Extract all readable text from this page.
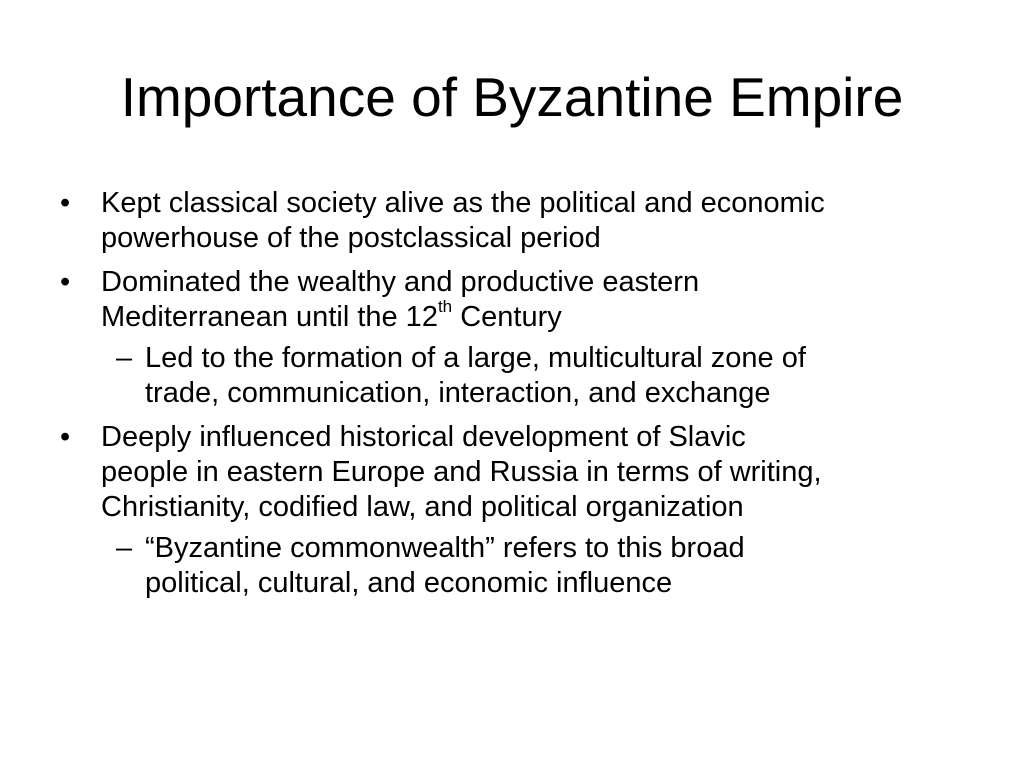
Importance of Byzantine Empire
• Kept classical society alive as the political and economic
powerhouse of the postclassical period
• Dominated the wealthy and productive eastern
Mediterranean until the 12th Century
– Led to the formation of a large, multicultural zone of
trade, communication, interaction, and exchange
• Deeply influenced historical development of Slavic
people in eastern Europe and Russia in terms of writing,
Christianity, codified law, and political organization
– “Byzantine commonwealth” refers to this broad
political, cultural, and economic influence
